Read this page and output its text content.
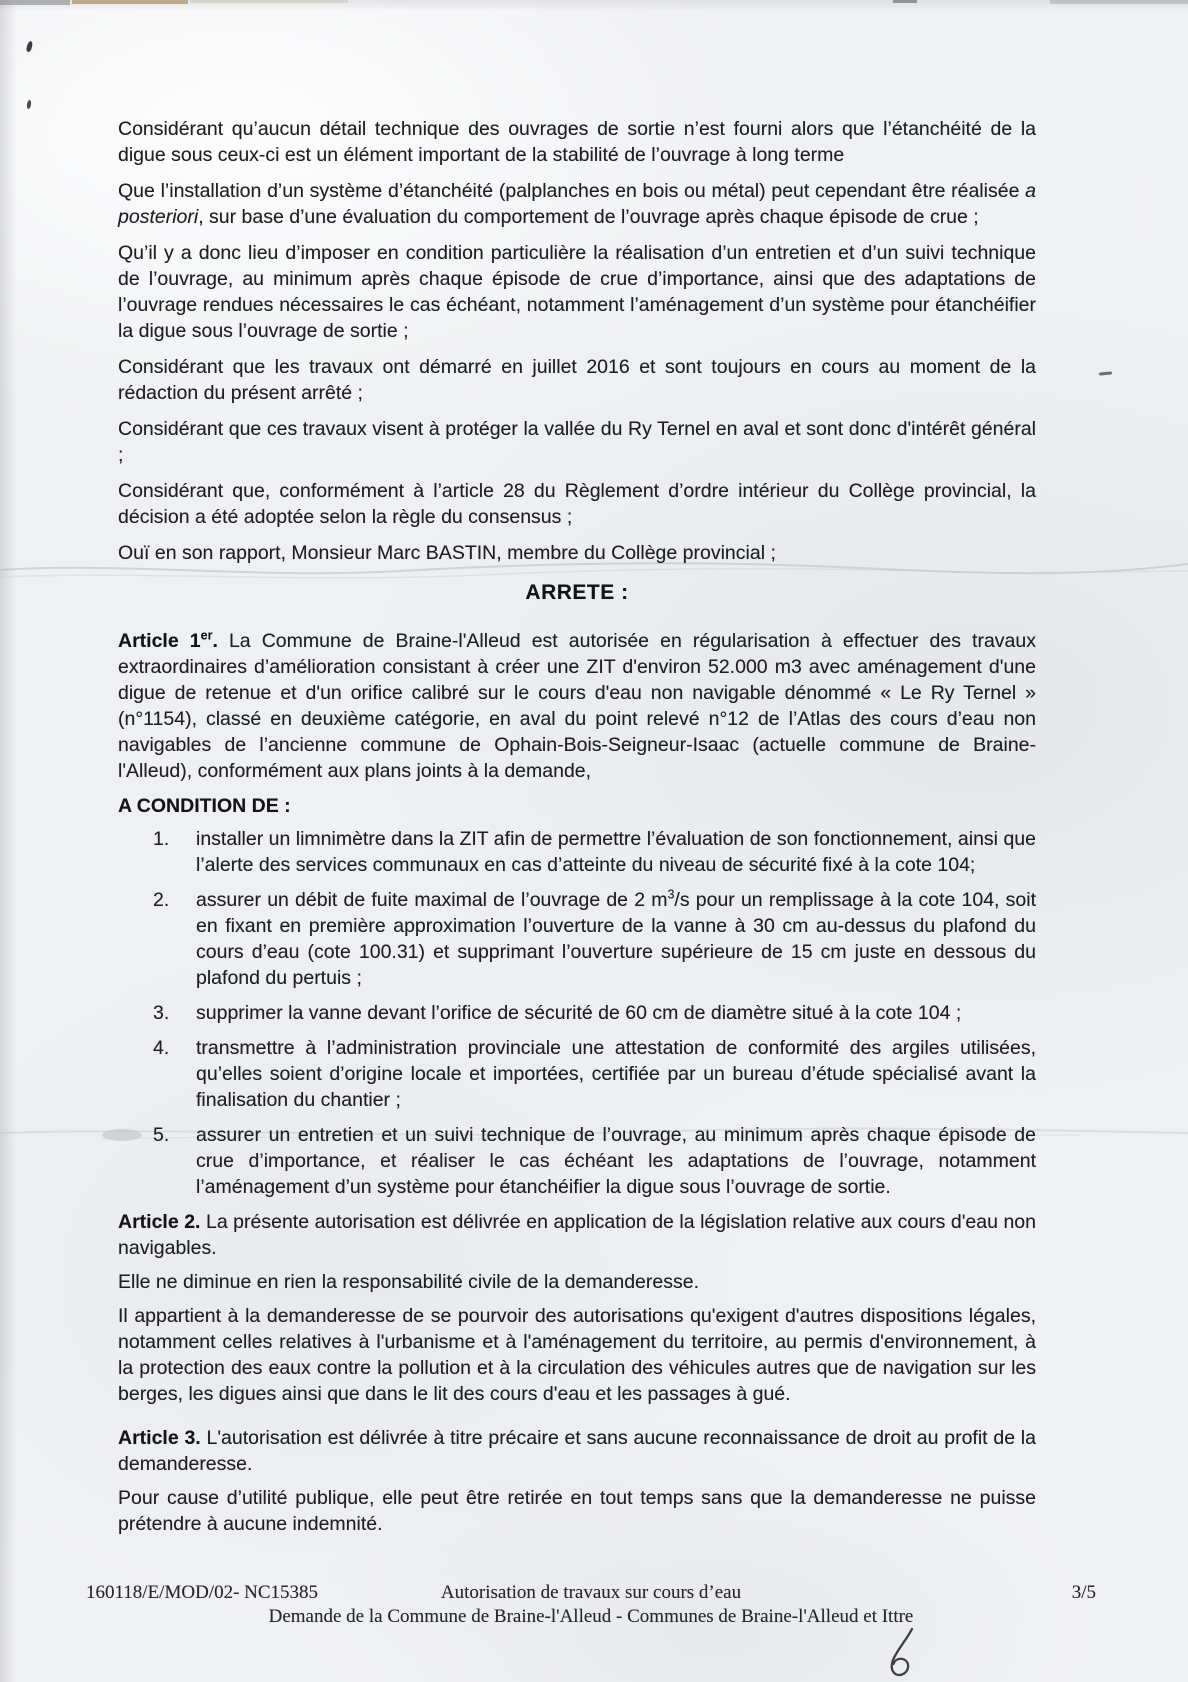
Considérant qu’aucun détail technique des ouvrages de sortie n’est fourni alors que l’étanchéité de la digue sous ceux-ci est un élément important de la stabilité de l’ouvrage à long terme

Que l’installation d’un système d’étanchéité (palplanches en bois ou métal) peut cependant être réalisée a posteriori, sur base d’une évaluation du comportement de l’ouvrage après chaque épisode de crue ;

Qu’il y a donc lieu d’imposer en condition particulière la réalisation d’un entretien et d’un suivi technique de l’ouvrage, au minimum après chaque épisode de crue d’importance, ainsi que des adaptations de l’ouvrage rendues nécessaires le cas échéant, notamment l’aménagement d’un système pour étanchéifier la digue sous l’ouvrage de sortie ;

Considérant que les travaux ont démarré en juillet 2016 et sont toujours en cours au moment de la rédaction du présent arrêté ;

Considérant que ces travaux visent à protéger la vallée du Ry Ternel en aval et sont donc d'intérêt général ;

Considérant que, conformément à l’article 28 du Règlement d’ordre intérieur du Collège provincial, la décision a été adoptée selon la règle du consensus ;

Ouï en son rapport, Monsieur Marc BASTIN, membre du Collège provincial ;

ARRETE :

Article 1er. La Commune de Braine-l'Alleud est autorisée en régularisation à effectuer des travaux extraordinaires d’amélioration consistant à créer une ZIT d'environ 52.000 m3 avec aménagement d'une digue de retenue et d'un orifice calibré sur le cours d'eau non navigable dénommé « Le Ry Ternel » (n°1154), classé en deuxième catégorie, en aval du point relevé n°12 de l’Atlas des cours d’eau non navigables de l’ancienne commune de Ophain-Bois-Seigneur-Isaac (actuelle commune de Braine-l'Alleud), conformément aux plans joints à la demande,

A CONDITION DE :
1. installer un limnimètre dans la ZIT afin de permettre l’évaluation de son fonctionnement, ainsi que l’alerte des services communaux en cas d’atteinte du niveau de sécurité fixé à la cote 104;
2. assurer un débit de fuite maximal de l’ouvrage de 2 $m^3/s$ pour un remplissage à la cote 104, soit en fixant en première approximation l’ouverture de la vanne à 30 cm au-dessus du plafond du cours d’eau (cote 100.31) et supprimant l’ouverture supérieure de 15 cm juste en dessous du plafond du pertuis ;
3. supprimer la vanne devant l’orifice de sécurité de 60 cm de diamètre situé à la cote 104 ;
4. transmettre à l’administration provinciale une attestation de conformité des argiles utilisées, qu’elles soient d’origine locale et importées, certifiée par un bureau d’étude spécialisé avant la finalisation du chantier ;
5. assurer un entretien et un suivi technique de l’ouvrage, au minimum après chaque épisode de crue d’importance, et réaliser le cas échéant les adaptations de l’ouvrage, notamment l’aménagement d’un système pour étanchéifier la digue sous l’ouvrage de sortie.

Article 2. La présente autorisation est délivrée en application de la législation relative aux cours d'eau non navigables.

Elle ne diminue en rien la responsabilité civile de la demanderesse.

Il appartient à la demanderesse de se pourvoir des autorisations qu'exigent d'autres dispositions légales, notamment celles relatives à l'urbanisme et à l'aménagement du territoire, au permis d'environnement, à la protection des eaux contre la pollution et à la circulation des véhicules autres que de navigation sur les berges, les digues ainsi que dans le lit des cours d'eau et les passages à gué.

Article 3. L'autorisation est délivrée à titre précaire et sans aucune reconnaissance de droit au profit de la demanderesse.

Pour cause d’utilité publique, elle peut être retirée en tout temps sans que la demanderesse ne puisse prétendre à aucune indemnité.

160118/E/MOD/02- NC15385	Autorisation de travaux sur cours d’eau	3/5
Demande de la Commune de Braine-l'Alleud - Communes de Braine-l'Alleud et Ittre
